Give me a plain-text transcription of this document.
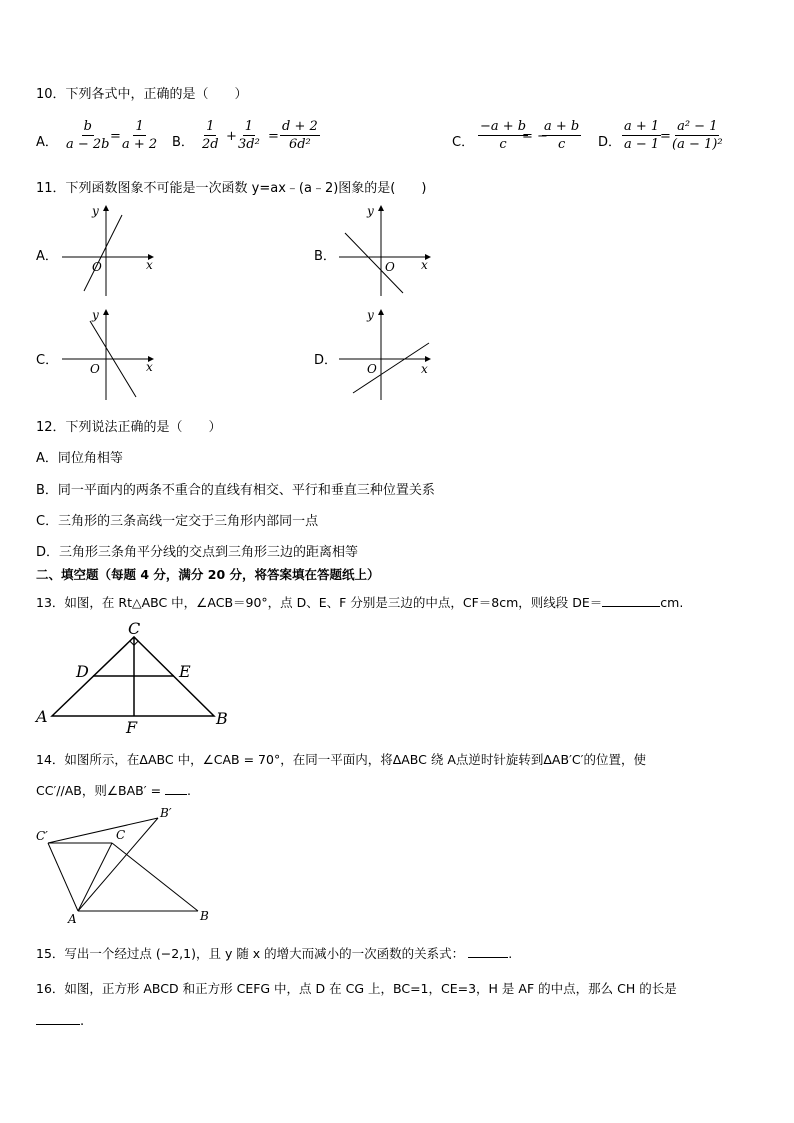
10．下列各式中，正确的是（　　）
A． $\frac{b}{a - 2b}$
= $\frac{1}{a + 2}$ B． $\frac{1}{2d} + \frac{1}{\text{3d²}} = \frac{d + 2}{\text{6d²}}$	C． $\frac{-a + b}{c}$
= −
$\frac{a + b}{c}$ D． $\frac{a + 1}{a - 1}$
= $\frac{\text{a² − 1}}{\text{(a − 1)²}}$
11．下列函数图象不可能是一次函数 y=ax﹣(a﹣2)图象的是(　　)
A．
y
x
O
B．
y
x
O
C．
y
x
O
D．
y
x
O
12．下列说法正确的是（　　）
A．同位角相等
B．同一平面内的两条不重合的直线有相交、平行和垂直三种位置关系
C．三角形的三条高线一定交于三角形内部同一点
D．三角形三条角平分线的交点到三角形三边的距离相等
二、填空题（每题 4 分，满分 20 分，将答案填在答题纸上）
13．如图，在 Rt△ABC 中，∠ACB＝90°，点 D、E、F 分别是三边的中点，CF＝8cm，则线段 DE＝	cm.
C
D	E
A
F	B
14．如图所示，在ΔABC 中，∠CAB = 70°，在同一平面内，将ΔABC 绕 A点逆时针旋转到ΔAB′C′的位置，使
CC′//AB，则∠BAB′ = .
C′	C
B′
A	B
15．写出一个经过点 (−2,1)，且 y 随 x 的增大而减小的一次函数的关系式：	.
16．如图，正方形 ABCD 和正方形 CEFG 中，点 D 在 CG 上，BC=1，CE=3，H 是 AF 的中点，那么 CH 的长是
.
